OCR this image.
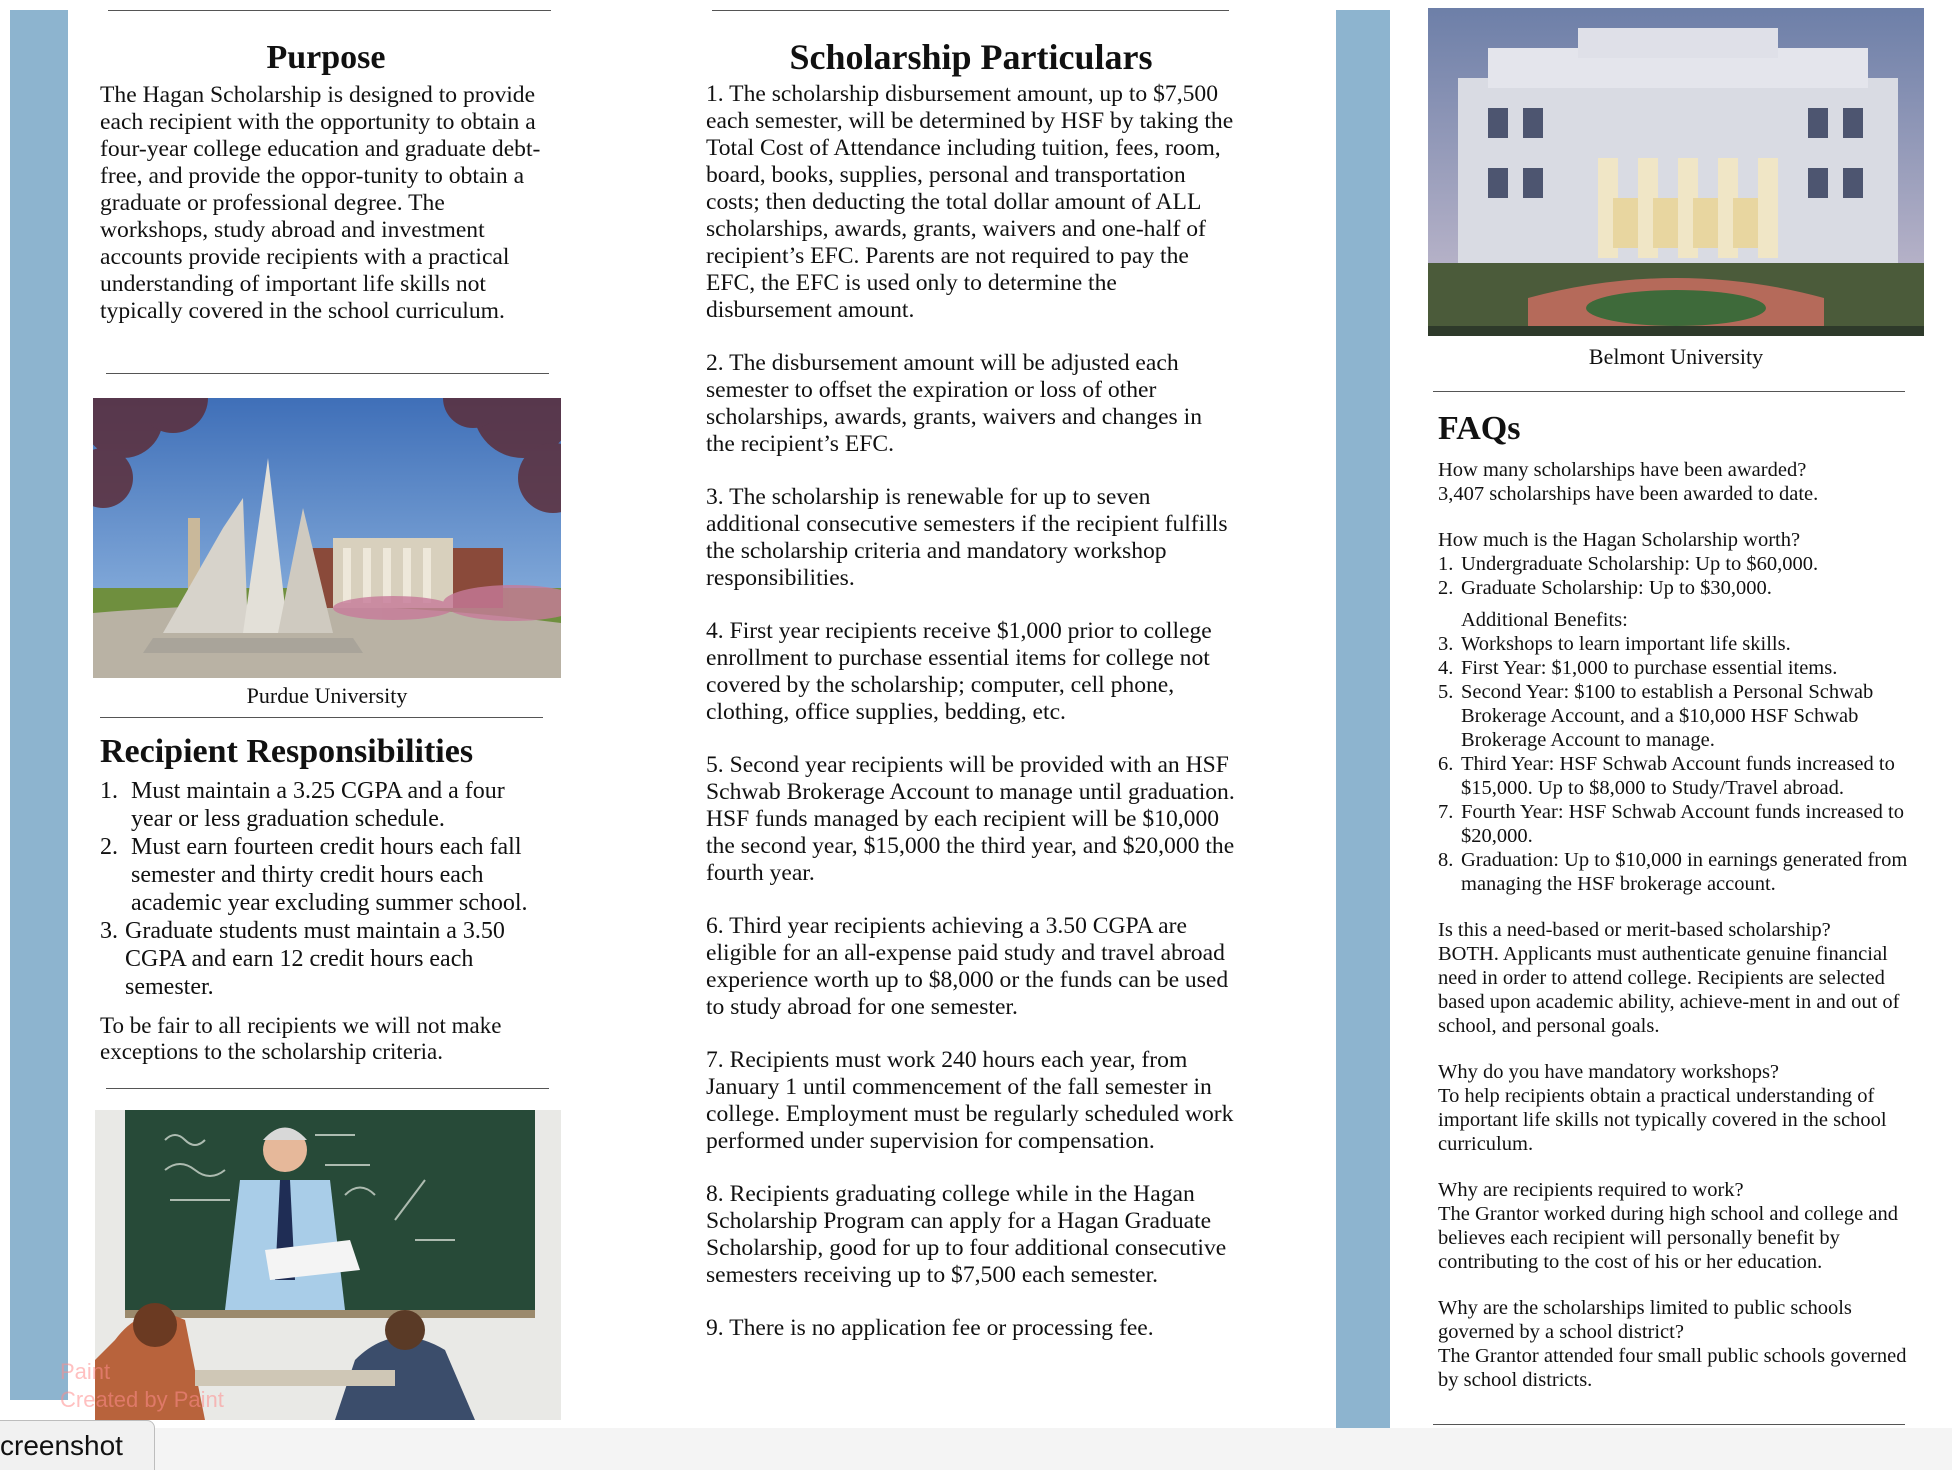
Purpose
The Hagan Scholarship is designed to provide each recipient with the opportunity to obtain a four-year college education and graduate debt-free, and provide the oppor-tunity to obtain a graduate or professional degree. The workshops, study abroad and investment accounts provide recipients with a practical understanding of important life skills not typically covered in the school curriculum.
Purdue University
Recipient Responsibilities
1. Must maintain a 3.25 CGPA and a four year or less graduation schedule.
2. Must earn fourteen credit hours each fall semester and thirty credit hours each academic year excluding summer school.
3. Graduate students must maintain a 3.50 CGPA and earn 12 credit hours each semester.
To be fair to all recipients we will not make exceptions to the scholarship criteria.
Paint
Created by Paint
Scholarship Particulars
1. The scholarship disbursement amount, up to $7,500 each semester, will be determined by HSF by taking the Total Cost of Attendance including tuition, fees, room, board, books, supplies, personal and transportation costs; then deducting the total dollar amount of ALL scholarships, awards, grants, waivers and one-half of recipient’s EFC. Parents are not required to pay the EFC, the EFC is used only to determine the disbursement amount.
2. The disbursement amount will be adjusted each semester to offset the expiration or loss of other scholarships, awards, grants, waivers and changes in the recipient’s EFC.
3. The scholarship is renewable for up to seven additional consecutive semesters if the recipient fulfills the scholarship criteria and mandatory workshop responsibilities.
4. First year recipients receive $1,000 prior to college enrollment to purchase essential items for college not covered by the scholarship; computer, cell phone, clothing, office supplies, bedding, etc.
5. Second year recipients will be provided with an HSF Schwab Brokerage Account to manage until graduation. HSF funds managed by each recipient will be $10,000 the second year, $15,000 the third year, and $20,000 the fourth year.
6. Third year recipients achieving a 3.50 CGPA are eligible for an all-expense paid study and travel abroad experience worth up to $8,000 or the funds can be used to study abroad for one semester.
7. Recipients must work 240 hours each year, from January 1 until commencement of the fall semester in college. Employment must be regularly scheduled work performed under supervision for compensation.
8. Recipients graduating college while in the Hagan Scholarship Program can apply for a Hagan Graduate Scholarship, good for up to four additional consecutive semesters receiving up to $7,500 each semester.
9. There is no application fee or processing fee.
Belmont University
FAQs
How many scholarships have been awarded?
3,407 scholarships have been awarded to date.
How much is the Hagan Scholarship worth?
1. Undergraduate Scholarship: Up to $60,000.
2. Graduate Scholarship: Up to $30,000.
Additional Benefits:
3. Workshops to learn important life skills.
4. First Year: $1,000 to purchase essential items.
5. Second Year: $100 to establish a Personal Schwab Brokerage Account, and a $10,000 HSF Schwab Brokerage Account to manage.
6. Third Year: HSF Schwab Account funds increased to $15,000. Up to $8,000 to Study/Travel abroad.
7. Fourth Year: HSF Schwab Account funds increased to $20,000.
8. Graduation: Up to $10,000 in earnings generated from managing the HSF brokerage account.
Is this a need-based or merit-based scholarship?
BOTH. Applicants must authenticate genuine financial need in order to attend college. Recipients are selected based upon academic ability, achieve-ment in and out of school, and personal goals.
Why do you have mandatory workshops?
To help recipients obtain a practical understanding of important life skills not typically covered in the school curriculum.
Why are recipients required to work?
The Grantor worked during high school and college and believes each recipient will personally benefit by contributing to the cost of his or her education.
Why are the scholarships limited to public schools governed by a school district?
The Grantor attended four small public schools governed by school districts.
creenshot
